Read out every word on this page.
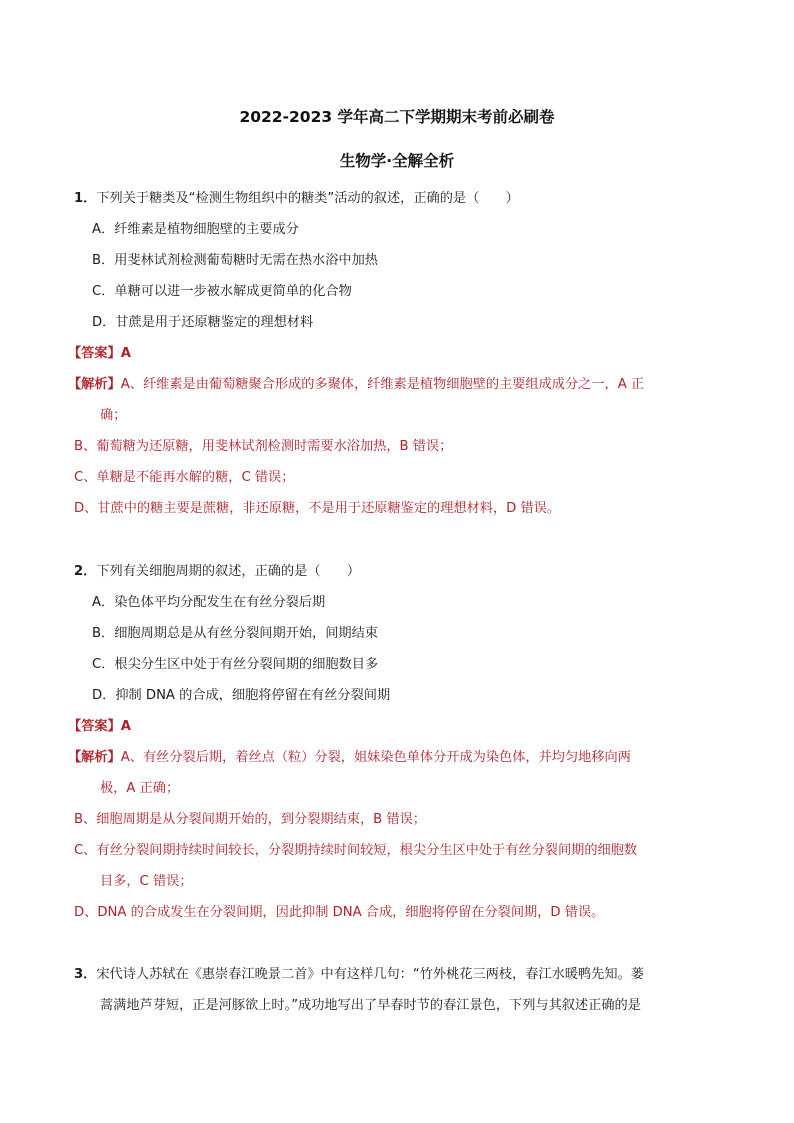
2022-2023 学年高二下学期期末考前必刷卷
生物学·全解全析
1．下列关于糖类及“检测生物组织中的糖类”活动的叙述，正确的是（　　）
A．纤维素是植物细胞壁的主要成分
B．用斐林试剂检测葡萄糖时无需在热水浴中加热
C．单糖可以进一步被水解成更简单的化合物
D．甘蔗是用于还原糖鉴定的理想材料
【答案】A
【解析】A、纤维素是由葡萄糖聚合形成的多聚体，纤维素是植物细胞壁的主要组成成分之一，A 正
确；
B、葡萄糖为还原糖，用斐林试剂检测时需要水浴加热，B 错误；
C、单糖是不能再水解的糖，C 错误；
D、甘蔗中的糖主要是蔗糖，非还原糖，不是用于还原糖鉴定的理想材料，D 错误。
2．下列有关细胞周期的叙述，正确的是（　　）
A．染色体平均分配发生在有丝分裂后期
B．细胞周期总是从有丝分裂间期开始，间期结束
C．根尖分生区中处于有丝分裂间期的细胞数目多
D．抑制 DNA 的合成，细胞将停留在有丝分裂间期
【答案】A
【解析】A、有丝分裂后期，着丝点（粒）分裂，姐妹染色单体分开成为染色体，并均匀地移向两
极，A 正确；
B、细胞周期是从分裂间期开始的，到分裂期结束，B 错误；
C、有丝分裂间期持续时间较长，分裂期持续时间较短，根尖分生区中处于有丝分裂间期的细胞数
目多，C 错误；
D、DNA 的合成发生在分裂间期，因此抑制 DNA 合成，细胞将停留在分裂间期，D 错误。
3．宋代诗人苏轼在《惠崇春江晚景二首》中有这样几句：“竹外桃花三两枝，春江水暖鸭先知。蒌
蒿满地芦芽短，正是河豚欲上时。”成功地写出了早春时节的春江景色，下列与其叙述正确的是
